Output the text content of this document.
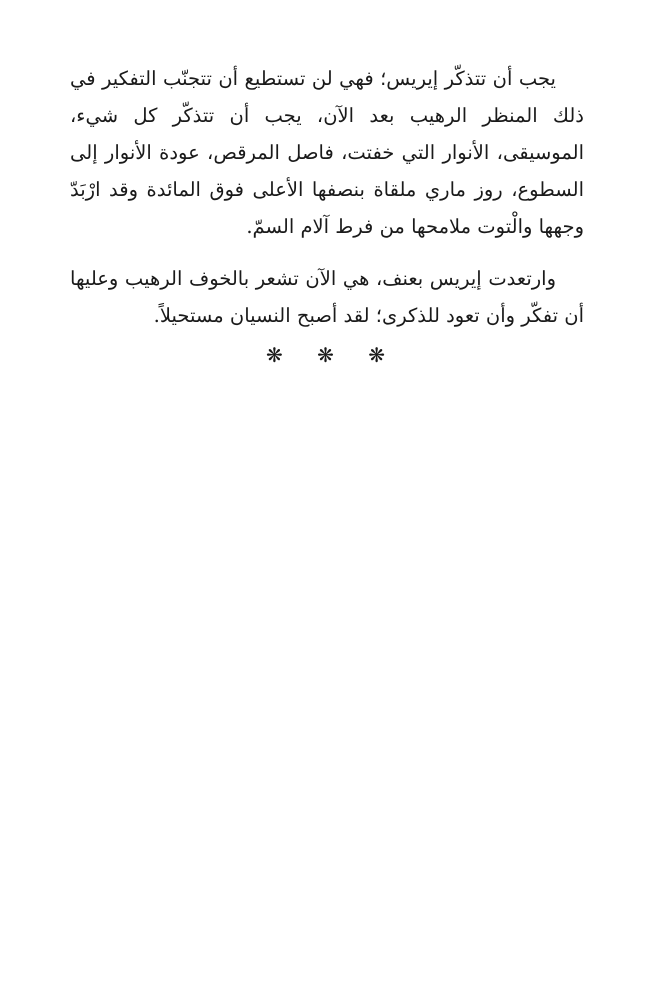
يجب أن تتذكّر إيريس؛ فهي لن تستطيع أن تتجنّب التفكير في ذلك المنظر الرهيب بعد الآن، يجب أن تتذكّر كل شيء، الموسيقى، الأنوار التي خفتت، فاصل المرقص، عودة الأنوار إلى السطوع، روز ماري ملقاة بنصفها الأعلى فوق المائدة وقد ارْبَدّ وجهها والْتوت ملامحها من فرط آلام السمّ.

وارتعدت إيريس بعنف، هي الآن تشعر بالخوف الرهيب وعليها أن تفكّر وأن تعود للذكرى؛ لقد أصبح النسيان مستحيلاً.

❋ ❋ ❋
